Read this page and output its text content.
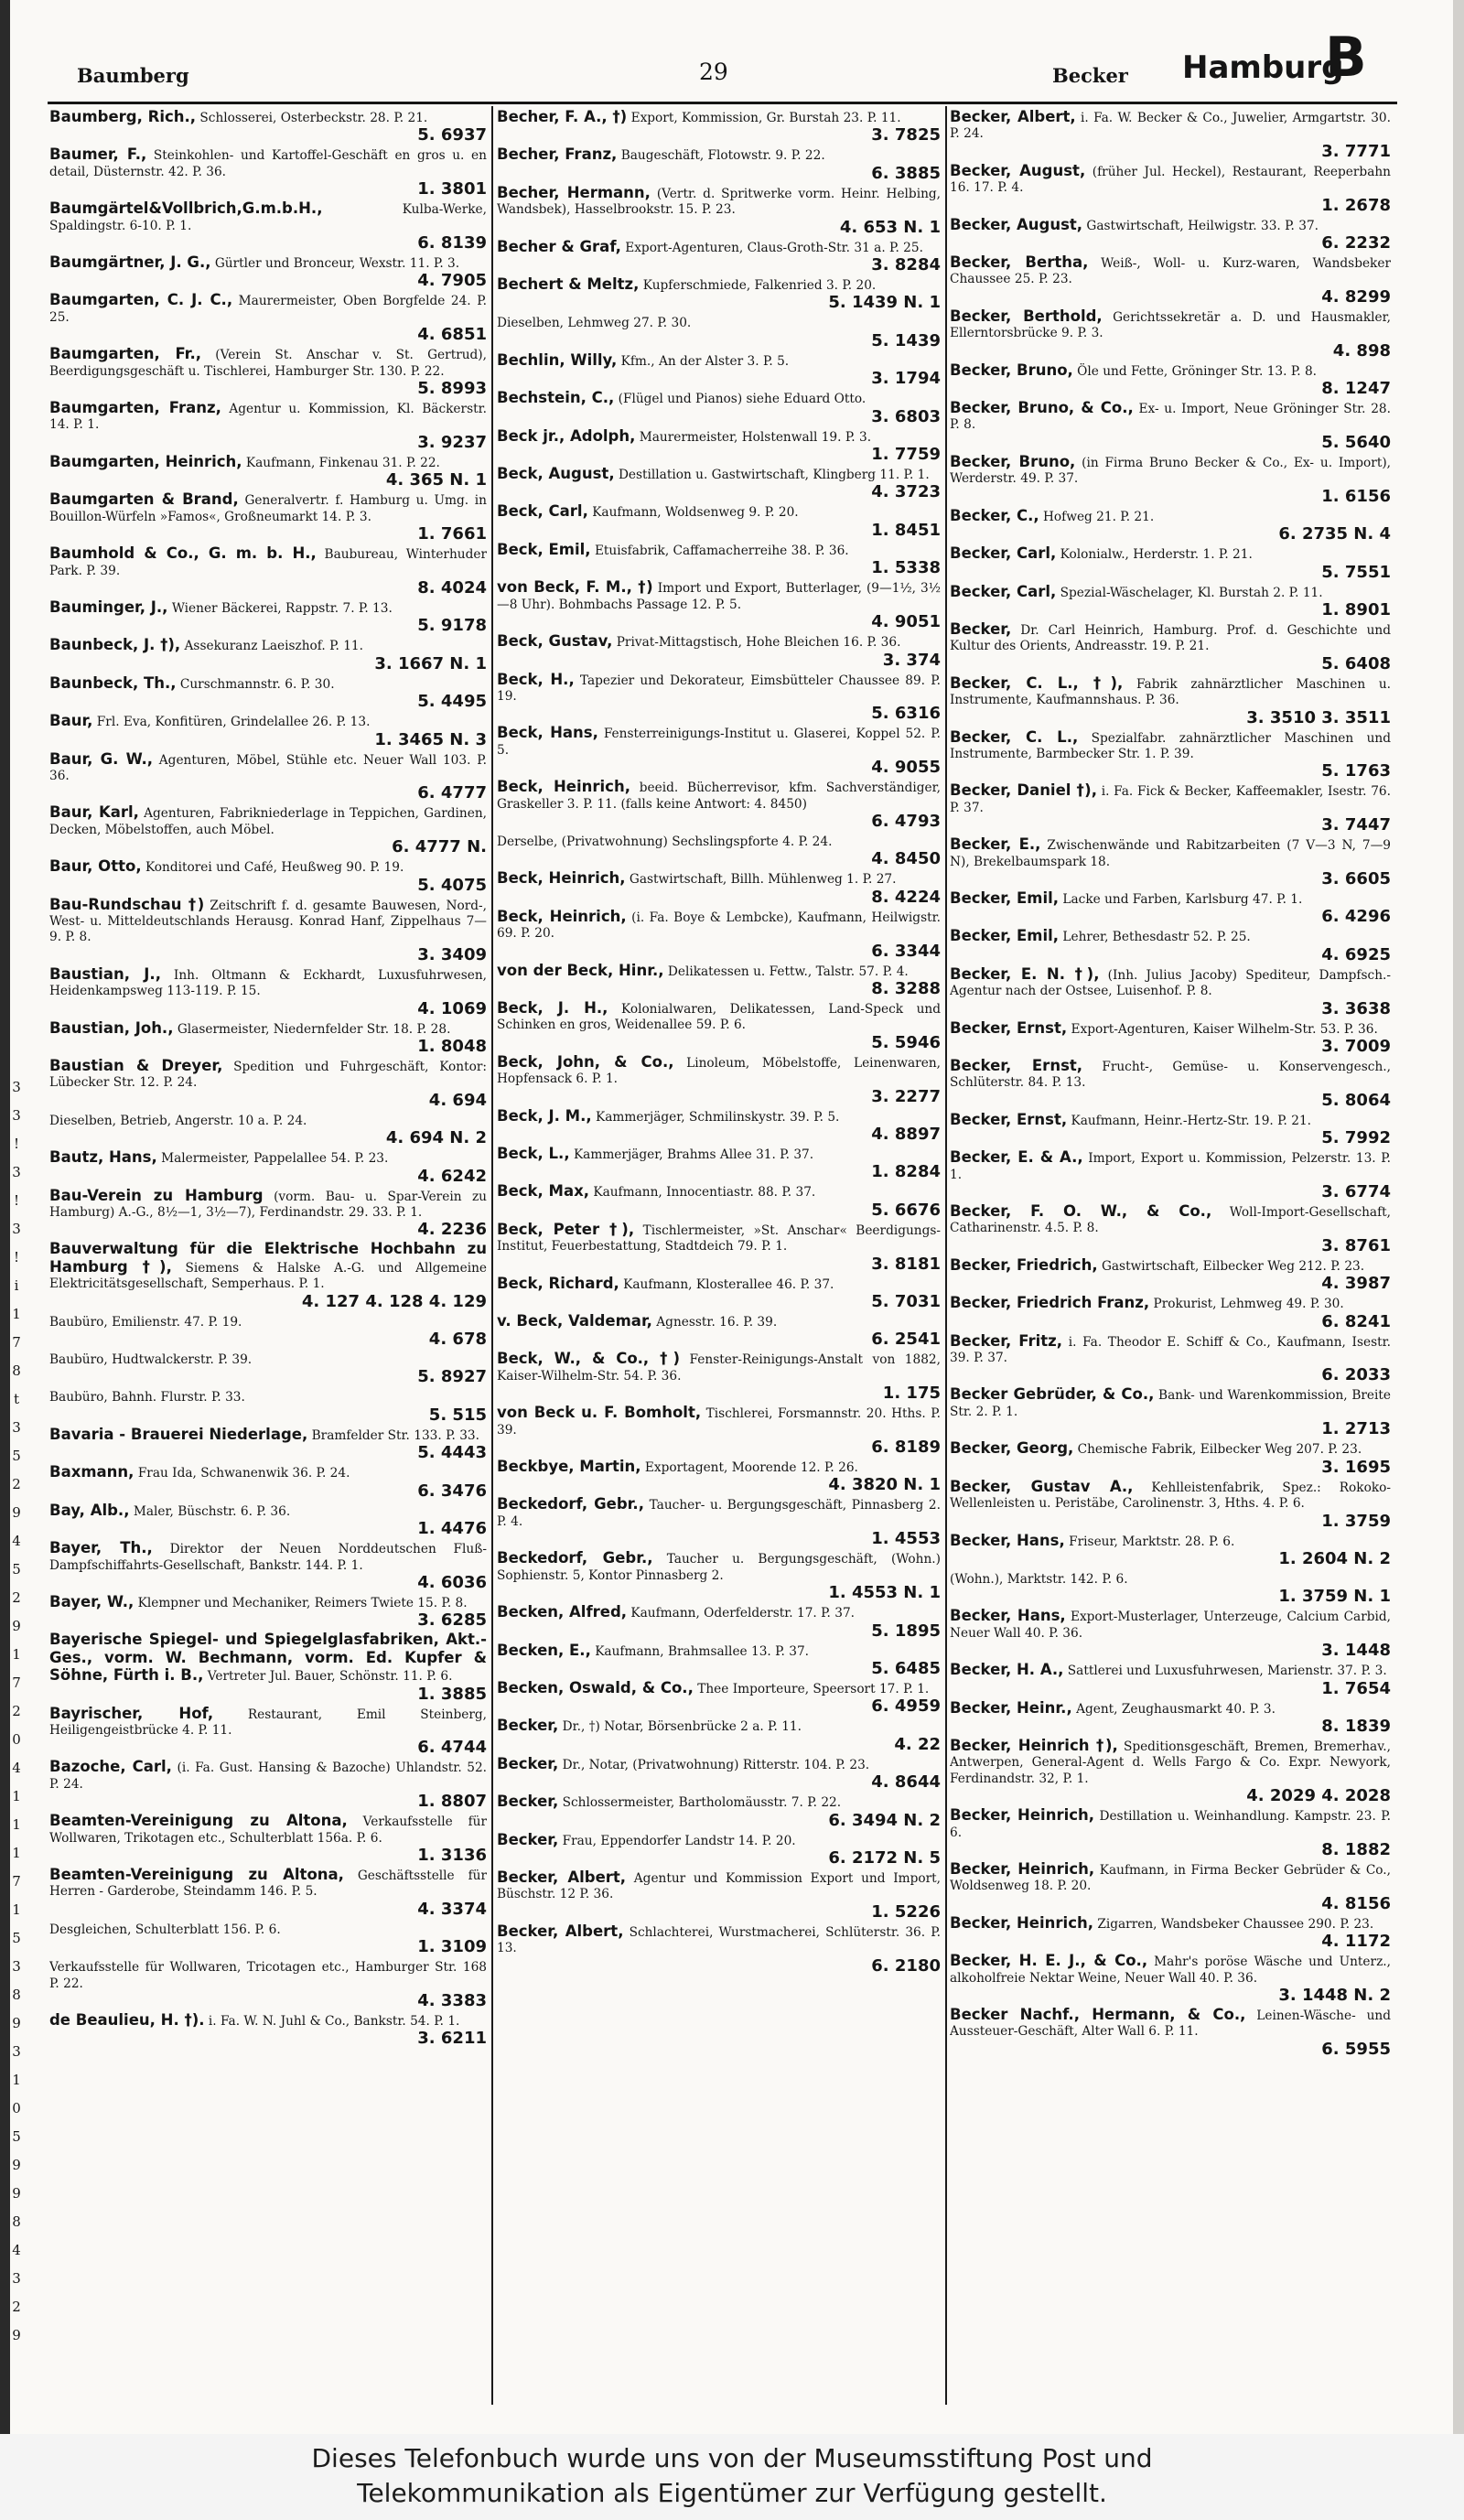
3
3
!
3
!
3
!
i
1
7
8
t
3
5
2
9
4
5
2
9
1
7
2
0
4
1
1
1
7
1
5
3
8
9
3
1
0
5
9
9
8
4
3
2
9
Baumberg	29	Becker Hamburg
B
Baumberg, Rich., Schlosserei, Osterbeckstr. 28. P. 21.
5. 6937
Baumer, F., Steinkohlen- und Kartoffel-Geschäft en gros u. en detail, Düsternstr. 42. P. 36.
1. 3801
Baumgärtel&Vollbrich,G.m.b.H.,	Kulba-Werke, Spaldingstr. 6-10. P. 1.
6. 8139
Baumgärtner, J. G., Gürtler und Bronceur, Wexstr. 11. P. 3.
4. 7905
Baumgarten, C. J. C., Maurermeister, Oben Borgfelde 24. P. 25.
4. 6851
Baumgarten, Fr., (Verein St. Anschar v. St. Gertrud), Beerdigungsgeschäft u. Tischlerei, Hamburger Str. 130. P. 22.
5. 8993
Baumgarten, Franz, Agentur u. Kommission, Kl. Bäckerstr. 14. P. 1.
3. 9237
Baumgarten, Heinrich, Kaufmann, Finkenau 31. P. 22.
4. 365 N. 1
Baumgarten & Brand, Generalvertr. f. Hamburg u. Umg. in Bouillon-Würfeln »Famos«, Großneumarkt 14. P. 3.
1. 7661
Baumhold & Co., G. m. b. H., Baubureau, Winterhuder Park. P. 39.
8. 4024
Bauminger, J., Wiener Bäckerei, Rappstr. 7. P. 13.
5. 9178
Baunbeck, J. †), Assekuranz Laeiszhof. P. 11.
3. 1667 N. 1
Baunbeck, Th., Curschmannstr. 6. P. 30.
5. 4495
Baur, Frl. Eva, Konfitüren, Grindelallee 26. P. 13.
1. 3465 N. 3
Baur, G. W., Agenturen, Möbel, Stühle etc. Neuer Wall 103. P. 36.
6. 4777
Baur, Karl, Agenturen, Fabrikniederlage in Teppichen, Gardinen, Decken, Möbelstoffen, auch Möbel.
6. 4777 N.
Baur, Otto, Konditorei und Café, Heußweg 90. P. 19.
5. 4075
Bau-Rundschau †) Zeitschrift f. d. gesamte Bauwesen, Nord-, West- u. Mitteldeutschlands Herausg. Konrad Hanf, Zippelhaus 7—9. P. 8.
3. 3409
Baustian, J., Inh. Oltmann & Eckhardt, Luxusfuhrwesen, Heidenkampsweg 113-119. P. 15.
4. 1069
Baustian, Joh., Glasermeister, Niedernfelder Str. 18. P. 28.
1. 8048
Baustian & Dreyer, Spedition und Fuhrgeschäft, Kontor: Lübecker Str. 12. P. 24.
4. 694
Dieselben, Betrieb, Angerstr. 10 a. P. 24.
4. 694 N. 2
Bautz, Hans, Malermeister, Pappelallee 54. P. 23.
4. 6242
Bau-Verein zu Hamburg (vorm. Bau- u. Spar-Verein zu Hamburg) A.-G., 8½—1, 3½—7), Ferdinandstr. 29. 33. P. 1.
4. 2236
Bauverwaltung für die Elektrische Hochbahn zu Hamburg †), Siemens & Halske A.-G. und Allgemeine Elektricitätsgesellschaft, Semperhaus. P. 1.
4. 127 4. 128 4. 129
Baubüro, Emilienstr. 47. P. 19.
4. 678
Baubüro, Hudtwalckerstr. P. 39.
5. 8927
Baubüro, Bahnh. Flurstr. P. 33.
5. 515
Bavaria - Brauerei Niederlage, Bramfelder Str. 133. P. 33.
5. 4443
Baxmann, Frau Ida, Schwanenwik 36. P. 24.
6. 3476
Bay, Alb., Maler, Büschstr. 6. P. 36.
1. 4476
Bayer, Th., Direktor der Neuen Norddeutschen Fluß-Dampfschiffahrts-Gesellschaft, Bankstr. 144. P. 1.
4. 6036
Bayer, W., Klempner und Mechaniker, Reimers Twiete 15. P. 8.
3. 6285
Bayerische Spiegel- und Spiegelglasfabriken, Akt.-Ges., vorm. W. Bechmann, vorm. Ed. Kupfer & Söhne, Fürth i. B., Vertreter Jul. Bauer, Schönstr. 11. P. 6.
1. 3885
Bayrischer, Hof,	Restaurant, Emil Steinberg, Heiligengeistbrücke 4. P. 11.
6. 4744
Bazoche, Carl, (i. Fa. Gust. Hansing & Bazoche) Uhlandstr. 52. P. 24.
1. 8807
Beamten-Vereinigung zu Altona, Verkaufsstelle für Wollwaren, Trikotagen etc., Schulterblatt 156a. P. 6.
1. 3136
Beamten-Vereinigung zu Altona, Geschäftsstelle für Herren - Garderobe, Steindamm 146. P. 5.
4. 3374
Desgleichen, Schulterblatt 156. P. 6.
1. 3109
Verkaufsstelle für Wollwaren, Tricotagen etc., Hamburger Str. 168 P. 22.
4. 3383
de Beaulieu, H. †). i. Fa. W. N. Juhl & Co., Bankstr. 54. P. 1.
3. 6211
Becher, F. A., †) Export, Kommission, Gr. Burstah 23. P. 11.
3. 7825
Becher, Franz, Baugeschäft, Flotowstr. 9. P. 22.
6. 3885
Becher, Hermann, (Vertr. d. Spritwerke vorm. Heinr. Helbing, Wandsbek), Hasselbrookstr. 15. P. 23.
4. 653 N. 1
Becher & Graf, Export-Agenturen, Claus-Groth-Str. 31 a. P. 25.
3. 8284
Bechert & Meltz, Kupferschmiede, Falkenried 3. P. 20.
5. 1439 N. 1
Dieselben, Lehmweg 27. P. 30.
5. 1439
Bechlin, Willy, Kfm., An der Alster 3. P. 5.
3. 1794
Bechstein, C., (Flügel und Pianos) siehe Eduard Otto.
3. 6803
Beck jr., Adolph, Maurermeister, Holstenwall 19. P. 3.
1. 7759
Beck, August, Destillation u. Gastwirtschaft, Klingberg 11. P. 1.
4. 3723
Beck, Carl, Kaufmann, Woldsenweg 9. P. 20.
1. 8451
Beck, Emil, Etuisfabrik, Caffamacherreihe 38. P. 36.
1. 5338
von Beck, F. M., †) Import und Export, Butterlager, (9—1½, 3½—8 Uhr). Bohmbachs Passage 12. P. 5.
4. 9051
Beck, Gustav, Privat-Mittagstisch, Hohe Bleichen 16. P. 36.
3. 374
Beck, H., Tapezier und Dekorateur, Eimsbütteler Chaussee 89. P. 19.
5. 6316
Beck, Hans, Fensterreinigungs-Institut u. Glaserei, Koppel 52. P. 5.
4. 9055
Beck, Heinrich, beeid. Bücherrevisor, kfm. Sachverständiger, Graskeller 3. P. 11. (falls keine Antwort: 4. 8450)
6. 4793
Derselbe, (Privatwohnung) Sechslingspforte 4. P. 24.
4. 8450
Beck, Heinrich, Gastwirtschaft, Billh. Mühlenweg 1. P. 27.
8. 4224
Beck, Heinrich, (i. Fa. Boye & Lembcke), Kaufmann, Heilwigstr. 69. P. 20.
6. 3344
von der Beck, Hinr., Delikatessen u. Fettw., Talstr. 57. P. 4.
8. 3288
Beck, J. H., Kolonialwaren, Delikatessen, Land-Speck und Schinken en gros, Weidenallee 59. P. 6.
5. 5946
Beck, John, & Co., Linoleum, Möbelstoffe, Leinenwaren, Hopfensack 6. P. 1.
3. 2277
Beck, J. M., Kammerjäger, Schmilinskystr. 39. P. 5.
4. 8897
Beck, L., Kammerjäger, Brahms Allee 31. P. 37.
1. 8284
Beck, Max, Kaufmann, Innocentiastr. 88. P. 37.
5. 6676
Beck, Peter †), Tischlermeister, »St. Anschar« Beerdigungs-Institut, Feuerbestattung, Stadtdeich 79. P. 1.
3. 8181
Beck, Richard, Kaufmann, Klosterallee 46. P. 37.
5. 7031
v. Beck, Valdemar, Agnesstr. 16. P. 39.
6. 2541
Beck, W., & Co., †) Fenster-Reinigungs-Anstalt von 1882, Kaiser-Wilhelm-Str. 54. P. 36.
1. 175
von Beck u. F. Bomholt, Tischlerei, Forsmannstr. 20. Hths. P. 39.
6. 8189
Beckbye, Martin, Exportagent, Moorende 12. P. 26.
4. 3820 N. 1
Beckedorf, Gebr., Taucher- u. Bergungsgeschäft, Pinnasberg 2. P. 4.
1. 4553
Beckedorf, Gebr., Taucher u. Bergungsgeschäft, (Wohn.) Sophienstr. 5, Kontor Pinnasberg 2.
1. 4553 N. 1
Becken, Alfred, Kaufmann, Oderfelderstr. 17. P. 37.
5. 1895
Becken, E., Kaufmann, Brahmsallee 13. P. 37.
5. 6485
Becken, Oswald, & Co., Thee Importeure, Speersort 17. P. 1.
6. 4959
Becker, Dr., †) Notar, Börsenbrücke 2 a. P. 11.
4. 22
Becker, Dr., Notar, (Privatwohnung) Ritterstr. 104. P. 23.
4. 8644
Becker, Schlossermeister, Bartholomäusstr. 7. P. 22.
6. 3494 N. 2
Becker, Frau, Eppendorfer Landstr 14. P. 20.
6. 2172 N. 5
Becker, Albert, Agentur und Kommission Export und Import, Büschstr. 12 P. 36.
1. 5226
Becker, Albert, Schlachterei, Wurstmacherei, Schlüterstr. 36. P. 13.
6. 2180
Becker, Albert, i. Fa. W. Becker & Co., Juwelier, Armgartstr. 30. P. 24.
3. 7771
Becker, August, (früher Jul. Heckel), Restaurant, Reeperbahn 16. 17. P. 4.
1. 2678
Becker, August, Gastwirtschaft, Heilwigstr. 33. P. 37.
6. 2232
Becker, Bertha, Weiß-, Woll- u. Kurz-waren, Wandsbeker Chaussee 25. P. 23.
4. 8299
Becker, Berthold, Gerichtssekretär a. D. und Hausmakler, Ellerntorsbrücke 9. P. 3.
4. 898
Becker, Bruno, Öle und Fette, Gröninger Str. 13. P. 8.
8. 1247
Becker, Bruno, & Co., Ex- u. Import, Neue Gröninger Str. 28. P. 8.
5. 5640
Becker, Bruno, (in Firma Bruno Becker & Co., Ex- u. Import), Werderstr. 49. P. 37.
1. 6156
Becker, C., Hofweg 21. P. 21.
6. 2735 N. 4
Becker, Carl, Kolonialw., Herderstr. 1. P. 21.
5. 7551
Becker, Carl, Spezial-Wäschelager, Kl. Burstah 2. P. 11.
1. 8901
Becker, Dr. Carl Heinrich, Hamburg. Prof. d. Geschichte und Kultur des Orients, Andreasstr. 19. P. 21.
5. 6408
Becker, C. L., †), Fabrik zahnärztlicher Maschinen u. Instrumente, Kaufmannshaus. P. 36.
3. 3510 3. 3511
Becker, C. L., Spezialfabr. zahnärztlicher Maschinen und Instrumente, Barmbecker Str. 1. P. 39.
5. 1763
Becker, Daniel †), i. Fa. Fick & Becker, Kaffeemakler, Isestr. 76. P. 37.
3. 7447
Becker, E., Zwischenwände und Rabitzarbeiten (7 V—3 N, 7—9 N), Brekelbaumspark 18.
3. 6605
Becker, Emil, Lacke und Farben, Karlsburg 47. P. 1.
6. 4296
Becker, Emil, Lehrer, Bethesdastr 52. P. 25.
4. 6925
Becker, E. N. †), (Inh. Julius Jacoby) Spediteur, Dampfsch.-Agentur nach der Ostsee, Luisenhof. P. 8.
3. 3638
Becker, Ernst, Export-Agenturen, Kaiser Wilhelm-Str. 53. P. 36.
3. 7009
Becker, Ernst, Frucht-, Gemüse- u. Konservengesch., Schlüterstr. 84. P. 13.
5. 8064
Becker, Ernst, Kaufmann, Heinr.-Hertz-Str. 19. P. 21.
5. 7992
Becker, E. & A., Import, Export u. Kommission, Pelzerstr. 13. P. 1.
3. 6774
Becker, F. O. W., & Co., Woll-Import-Gesellschaft, Catharinenstr. 4.5. P. 8.
3. 8761
Becker, Friedrich, Gastwirtschaft, Eilbecker Weg 212. P. 23.
4. 3987
Becker, Friedrich Franz, Prokurist, Lehmweg 49. P. 30.
6. 8241
Becker, Fritz, i. Fa. Theodor E. Schiff & Co., Kaufmann, Isestr. 39. P. 37.
6. 2033
Becker Gebrüder, & Co., Bank- und Warenkommission, Breite Str. 2. P. 1.
1. 2713
Becker, Georg, Chemische Fabrik, Eilbecker Weg 207. P. 23.
3. 1695
Becker, Gustav A., Kehlleistenfabrik, Spez.: Rokoko-Wellenleisten u. Peristäbe, Carolinenstr. 3, Hths. 4. P. 6.
1. 3759
Becker, Hans, Friseur, Marktstr. 28. P. 6.
1. 2604 N. 2
(Wohn.), Marktstr. 142. P. 6.
1. 3759 N. 1
Becker, Hans, Export-Musterlager, Unterzeuge, Calcium Carbid, Neuer Wall 40. P. 36.
3. 1448
Becker, H. A., Sattlerei und Luxusfuhrwesen, Marienstr. 37. P. 3.
1. 7654
Becker, Heinr., Agent, Zeughausmarkt 40. P. 3.
8. 1839
Becker, Heinrich †), Speditionsgeschäft, Bremen, Bremerhav., Antwerpen, General-Agent d. Wells Fargo & Co. Expr. Newyork, Ferdinandstr. 32, P. 1.
4. 2029 4. 2028
Becker, Heinrich, Destillation u. Weinhandlung. Kampstr. 23. P. 6.
8. 1882
Becker, Heinrich, Kaufmann, in Firma Becker Gebrüder & Co., Woldsenweg 18. P. 20.
4. 8156
Becker, Heinrich, Zigarren, Wandsbeker Chaussee 290. P. 23.
4. 1172
Becker, H. E. J., & Co., Mahr's poröse Wäsche und Unterz., alkoholfreie Nektar Weine, Neuer Wall 40. P. 36.
3. 1448 N. 2
Becker Nachf., Hermann, & Co., Leinen-Wäsche- und Aussteuer-Geschäft, Alter Wall 6. P. 11.
6. 5955

Dieses Telefonbuch wurde uns von der Museumsstiftung Post und

Telekommunikation als Eigentümer zur Verfügung gestellt.
